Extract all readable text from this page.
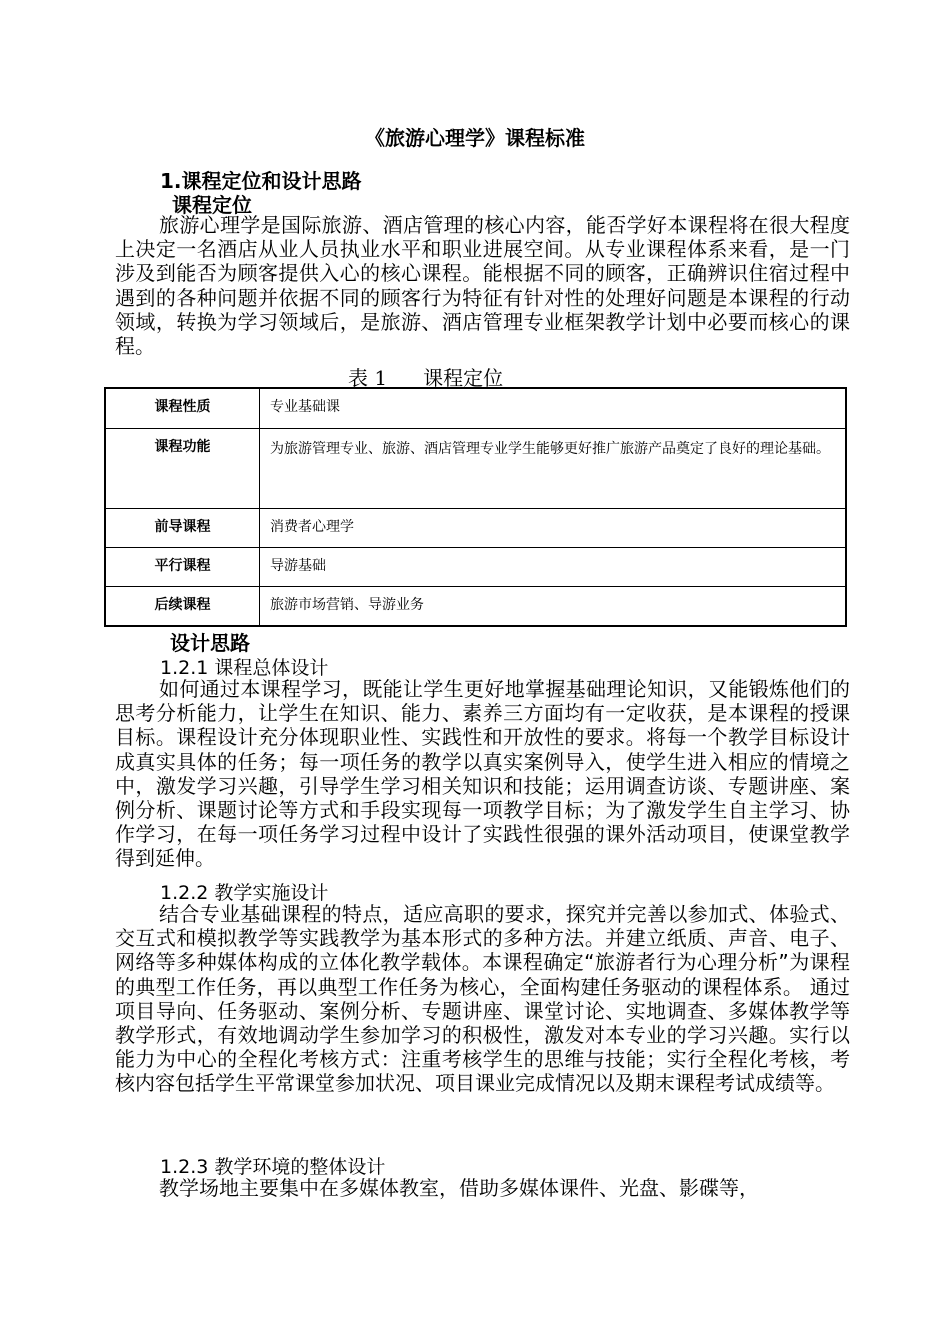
《旅游心理学》课程标准
1.课程定位和设计思路
课程定位

旅游心理学是国际旅游、酒店管理的核心内容，能否学好本课程将在很大程度上决定一名酒店从业人员执业水平和职业进展空间。从专业课程体系来看，是一门涉及到能否为顾客提供入心的核心课程。能根据不同的顾客，正确辨识住宿过程中遇到的各种问题并依据不同的顾客行为特征有针对性的处理好问题是本课程的行动领域，转换为学习领域后，是旅游、酒店管理专业框架教学计划中必要而核心的课程。

表 1 课程定位
课程性质	专业基础课
课程功能	为旅游管理专业、旅游、酒店管理专业学生能够更好推广旅游产品奠定了良好的理论基础。
前导课程	消费者心理学
平行课程	导游基础
后续课程	旅游市场营销、导游业务
设计思路
1.2.1 课程总体设计

如何通过本课程学习，既能让学生更好地掌握基础理论知识，又能锻炼他们的思考分析能力，让学生在知识、能力、素养三方面均有一定收获，是本课程的授课目标。课程设计充分体现职业性、实践性和开放性的要求。将每一个教学目标设计成真实具体的任务；每一项任务的教学以真实案例导入，使学生进入相应的情境之中，激发学习兴趣，引导学生学习相关知识和技能；运用调查访谈、专题讲座、案例分析、课题讨论等方式和手段实现每一项教学目标；为了激发学生自主学习、协作学习，在每一项任务学习过程中设计了实践性很强的课外活动项目，使课堂教学得到延伸。

1.2.2 教学实施设计

结合专业基础课程的特点，适应高职的要求，探究并完善以参加式、体验式、交互式和模拟教学等实践教学为基本形式的多种方法。并建立纸质、声音、电子、网络等多种媒体构成的立体化教学载体。本课程确定“旅游者行为心理分析”为课程的典型工作任务，再以典型工作任务为核心，全面构建任务驱动的课程体系。 通过项目导向、任务驱动、案例分析、专题讲座、课堂讨论、实地调查、多媒体教学等教学形式，有效地调动学生参加学习的积极性，激发对本专业的学习兴趣。实行以能力为中心的全程化考核方式：注重考核学生的思维与技能；实行全程化考核，考核内容包括学生平常课堂参加状况、项目课业完成情况以及期末课程考试成绩等。

1.2.3 教学环境的整体设计

教学场地主要集中在多媒体教室，借助多媒体课件、光盘、影碟等，
